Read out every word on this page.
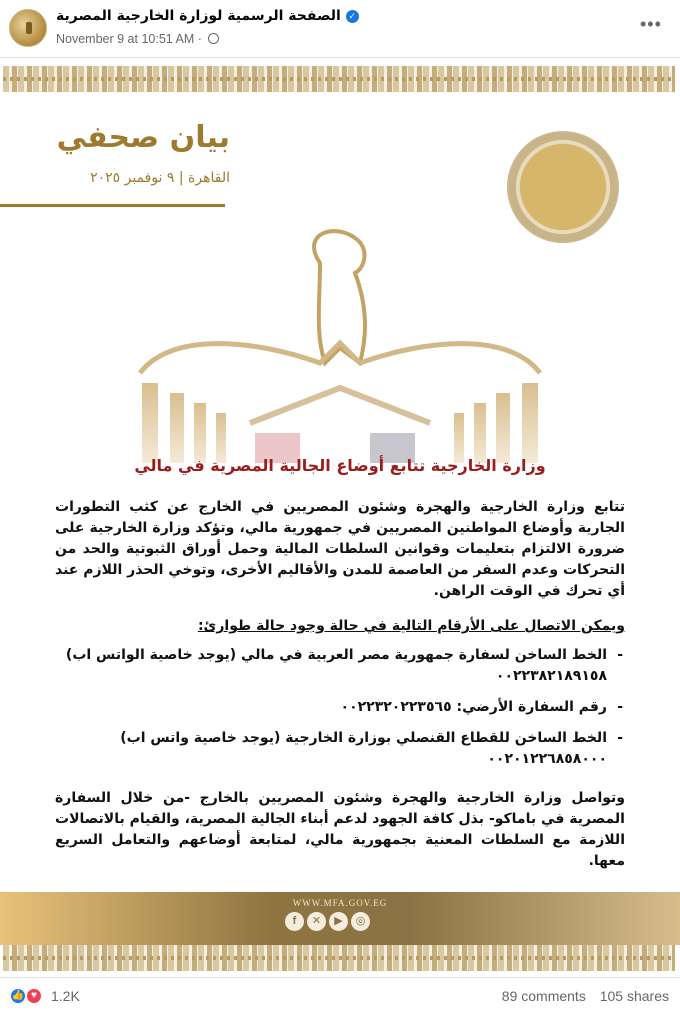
الصفحة الرسمية لوزارة الخارجية المصرية ✓
November 9 at 10:51 AM ·
•••
بيان صحفي
القاهرة | ٩ نوفمبر ٢٠٢٥
وزارة الخارجية تتابع أوضاع الجالية المصرية في مالي
تتابع وزارة الخارجية والهجرة وشئون المصريين في الخارج عن كثب التطورات الجارية وأوضاع المواطنين المصريين في جمهورية مالي، وتؤكد وزارة الخارجية على ضرورة الالتزام بتعليمات وقوانين السلطات المالية وحمل أوراق الثبوتية والحد من التحركات وعدم السفر من العاصمة للمدن والأقاليم الأخرى، وتوخي الحذر اللازم عند أي تحرك في الوقت الراهن.
ويمكن الاتصال على الأرقام التالية في حالة وجود حالة طوارئ:
- الخط الساخن لسفارة جمهورية مصر العربية في مالي (يوجد خاصية الواتس اب)
٠٠٢٢٣٨٢١٨٩١٥٨
- رقم السفارة الأرضي: ٠٠٢٢٣٢٠٢٢٣٥٦٥
- الخط الساخن للقطاع القنصلي بوزارة الخارجية (يوجد خاصية واتس اب)
٠٠٢٠١٢٢٦٨٥٨٠٠٠
وتواصل وزارة الخارجية والهجرة وشئون المصريين بالخارج -من خلال السفارة المصرية في باماكو- بذل كافة الجهود لدعم أبناء الجالية المصرية، والقيام بالاتصالات اللازمة مع السلطات المعنية بجمهورية مالي، لمتابعة أوضاعهم والتعامل السريع معها.
WWW.MFA.GOV.EG
f	✕	▶	◎
👍 ♥	1.2K	89 comments 105 shares
